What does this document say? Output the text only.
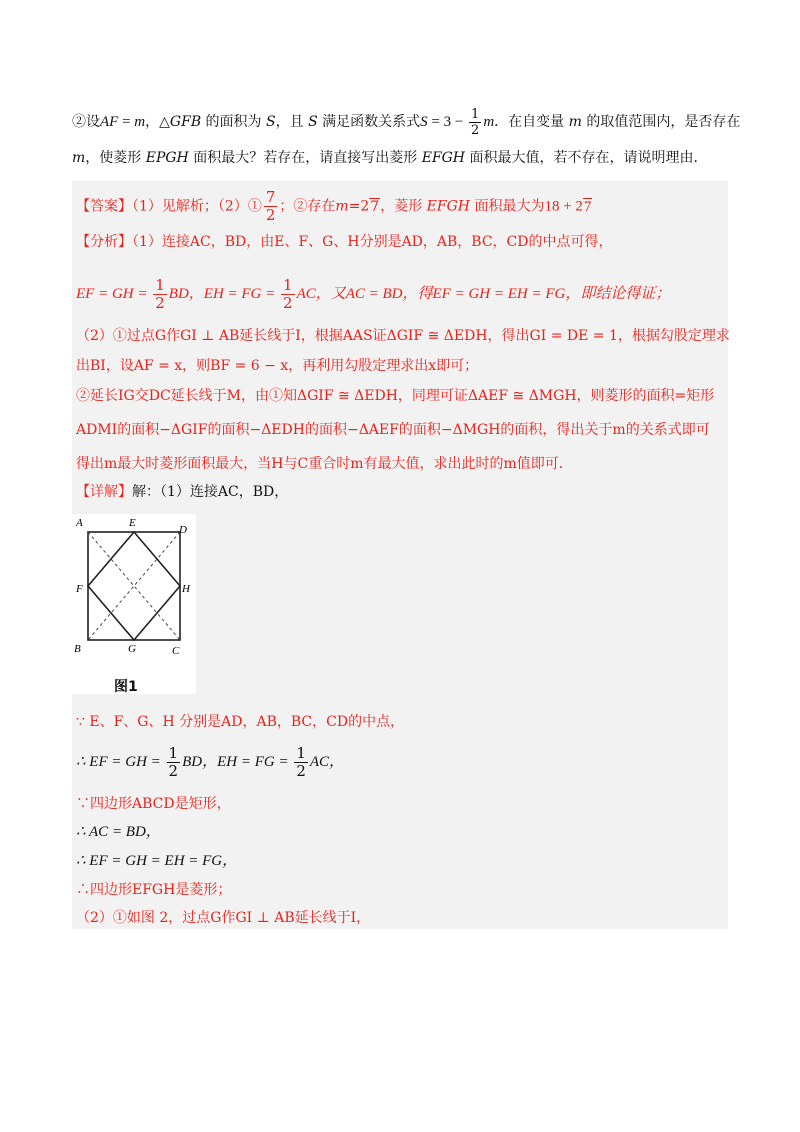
②设AF = m，△GFB 的面积为 S，且 S 满足函数关系式$S = 3 - \frac{1}{2}$ m．在自变量 m 的取值范围内，是否存在
m，使菱形 EPGH 面积最大？若存在，请直接写出菱形 EFGH 面积最大值，若不存在，请说明理由．
【答案】（1）见解析；（2）① $\frac{7}{2}$ ；②存在m=27，菱形 EFGH 面积最大为18 + 27
【分析】（1）连接AC，BD，由E、F、G、H分别是AD，AB，BC，CD的中点可得，
EF = GH = $\frac{1}{2}$ BD，EH = FG = $\frac{1}{2}$ AC，又AC = BD，得EF = GH = EH = FG，即结论得证；
（2）①过点G作GI ⊥ AB延长线于I，根据AAS证ΔGIF ≅ ΔEDH，得出GI = DE = 1，根据勾股定理求
出BI，设AF = x，则BF = 6 − x，再利用勾股定理求出x即可；
②延长IG交DC延长线于M，由①知ΔGIF ≅ ΔEDH，同理可证ΔAEF ≅ ΔMGH，则菱形的面积=矩形
ADMI的面积−ΔGIF的面积−ΔEDH的面积−ΔAEF的面积−ΔMGH的面积，得出关于m的关系式即可
得出m最大时菱形面积最大，当H与C重合时m有最大值，求出此时的m值即可．
【详解】解：（1）连接AC，BD，
A	E
D
F	H
B	G	C
图1
∵ E、F、G、H 分别是AD，AB，BC，CD的中点，
∴ EF = GH = $\frac{1}{2}$ BD，EH = FG = $\frac{1}{2}$ AC，
∵四边形ABCD是矩形，
∴ AC = BD，
∴ EF = GH = EH = FG，
∴四边形EFGH是菱形；
（2）①如图 2，过点G作GI ⊥ AB延长线于I，
